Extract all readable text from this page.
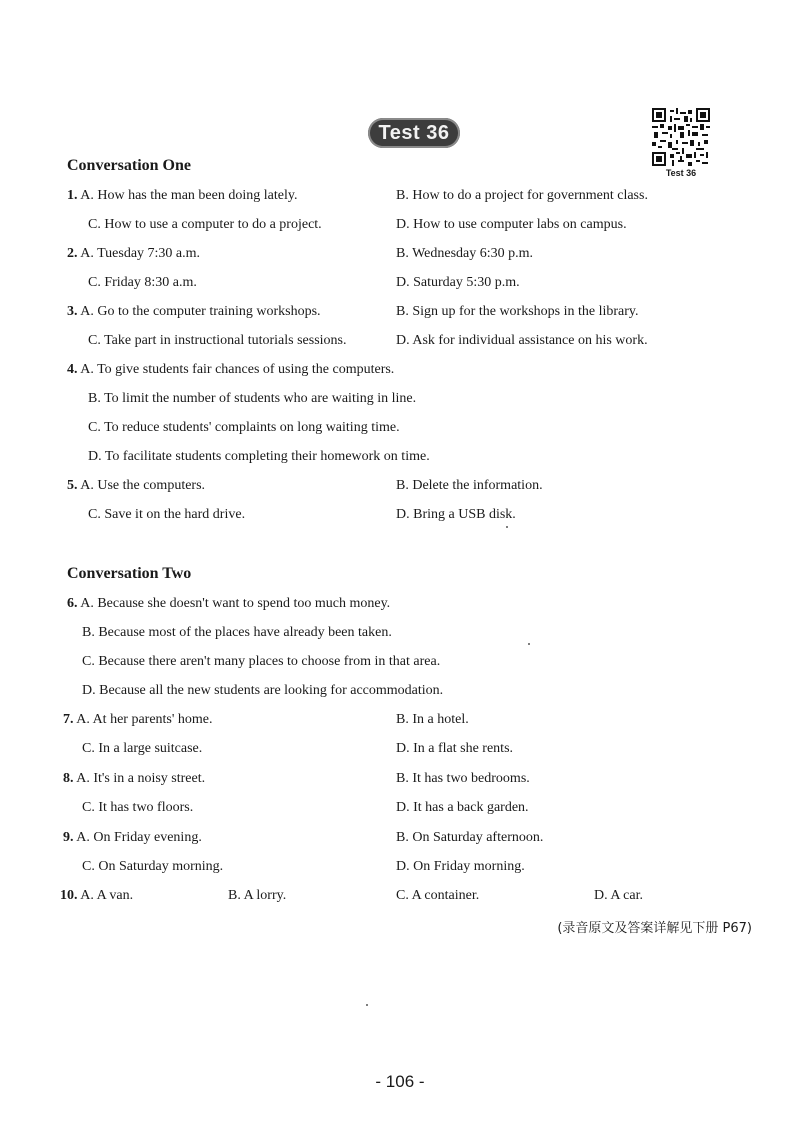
Test 36
Test 36
Conversation One
1. A. How has the man been doing lately.	B. How to do a project for government class.
C. How to use a computer to do a project.	D. How to use computer labs on campus.
2. A. Tuesday 7:30 a.m.	B. Wednesday 6:30 p.m.
C. Friday 8:30 a.m.	D. Saturday 5:30 p.m.
3. A. Go to the computer training workshops.	B. Sign up for the workshops in the library.
C. Take part in instructional tutorials sessions.	D. Ask for individual assistance on his work.
4. A. To give students fair chances of using the computers.
B. To limit the number of students who are waiting in line.
C. To reduce students' complaints on long waiting time.
D. To facilitate students completing their homework on time.
5. A. Use the computers.	B. Delete the information.
C. Save it on the hard drive.	D. Bring a USB disk.
Conversation Two
6. A. Because she doesn't want to spend too much money.
B. Because most of the places have already been taken.
C. Because there aren't many places to choose from in that area.
D. Because all the new students are looking for accommodation.
7. A. At her parents' home.	B. In a hotel.
C. In a large suitcase.	D. In a flat she rents.
8. A. It's in a noisy street.	B. It has two bedrooms.
C. It has two floors.	D. It has a back garden.
9. A. On Friday evening.	B. On Saturday afternoon.
C. On Saturday morning.	D. On Friday morning.
10. A. A van.	B. A lorry.	C. A container.	D. A car.
(录音原文及答案详解见下册 P67)
- 106 -
